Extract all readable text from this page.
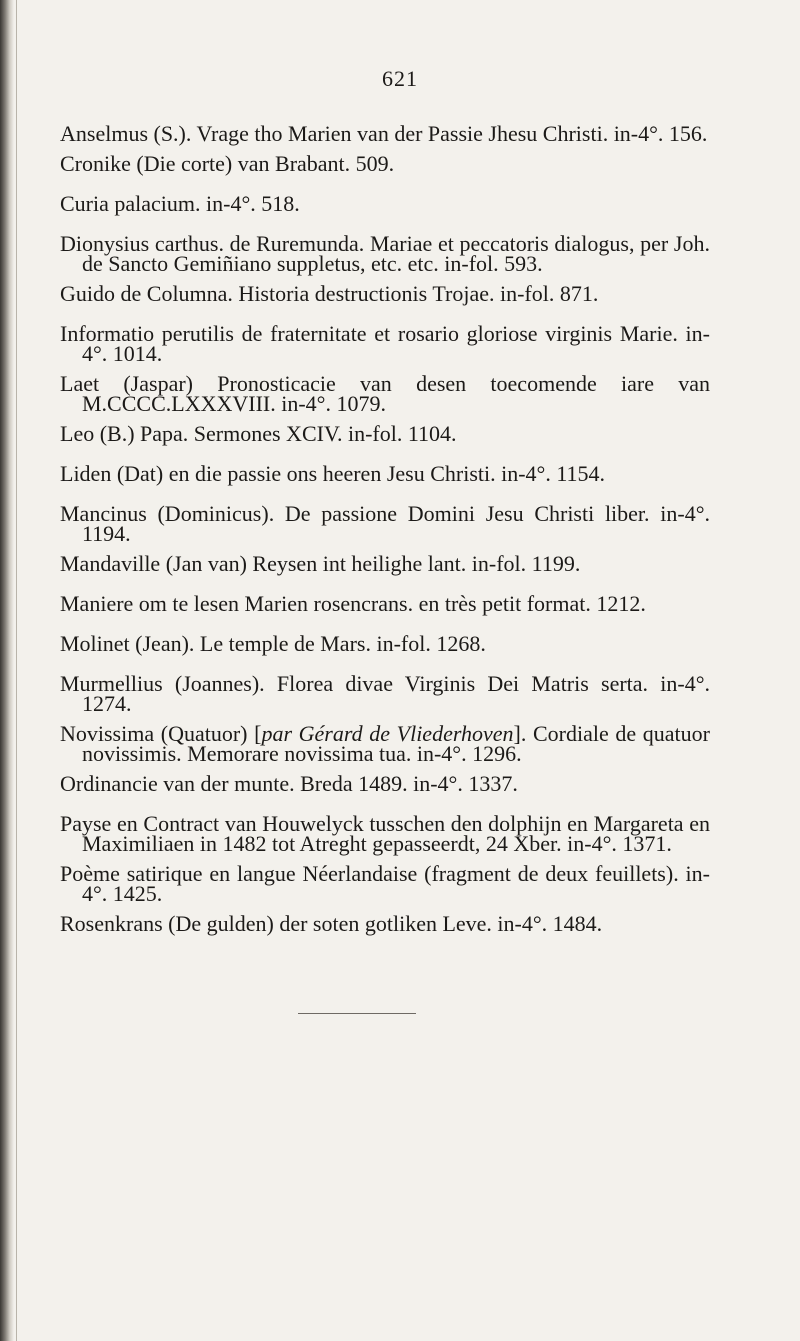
621
Anselmus (S.). Vrage tho Marien van der Passie Jhesu Christi. in-4°. 156.
Cronike (Die corte) van Brabant. 509.
Curia palacium. in-4°. 518.
Dionysius carthus. de Ruremunda. Mariae et peccatoris dialogus, per Joh. de Sancto Gemiñiano suppletus, etc. etc. in-fol. 593.
Guido de Columna. Historia destructionis Trojae. in-fol. 871.
Informatio perutilis de fraternitate et rosario gloriose virginis Marie. in-4°. 1014.
Laet (Jaspar) Pronosticacie van desen toecomende iare van M.CCCC.LXXXVIII. in-4°. 1079.
Leo (B.) Papa. Sermones XCIV. in-fol. 1104.
Liden (Dat) en die passie ons heeren Jesu Christi. in-4°. 1154.
Mancinus (Dominicus). De passione Domini Jesu Christi liber. in-4°. 1194.
Mandaville (Jan van) Reysen int heilighe lant. in-fol. 1199.
Maniere om te lesen Marien rosencrans. en très petit format. 1212.
Molinet (Jean). Le temple de Mars. in-fol. 1268.
Murmellius (Joannes). Florea divae Virginis Dei Matris serta. in-4°. 1274.
Novissima (Quatuor) [par Gérard de Vliederhoven]. Cordiale de quatuor novissimis. Memorare novissima tua. in-4°. 1296.
Ordinancie van der munte. Breda 1489. in-4°. 1337.
Payse en Contract van Houwelyck tusschen den dolphijn en Margareta en Maximiliaen in 1482 tot Atreght gepasseerdt, 24 Xber. in-4°. 1371.
Poème satirique en langue Néerlandaise (fragment de deux feuillets). in-4°. 1425.
Rosenkrans (De gulden) der soten gotliken Leve. in-4°. 1484.
